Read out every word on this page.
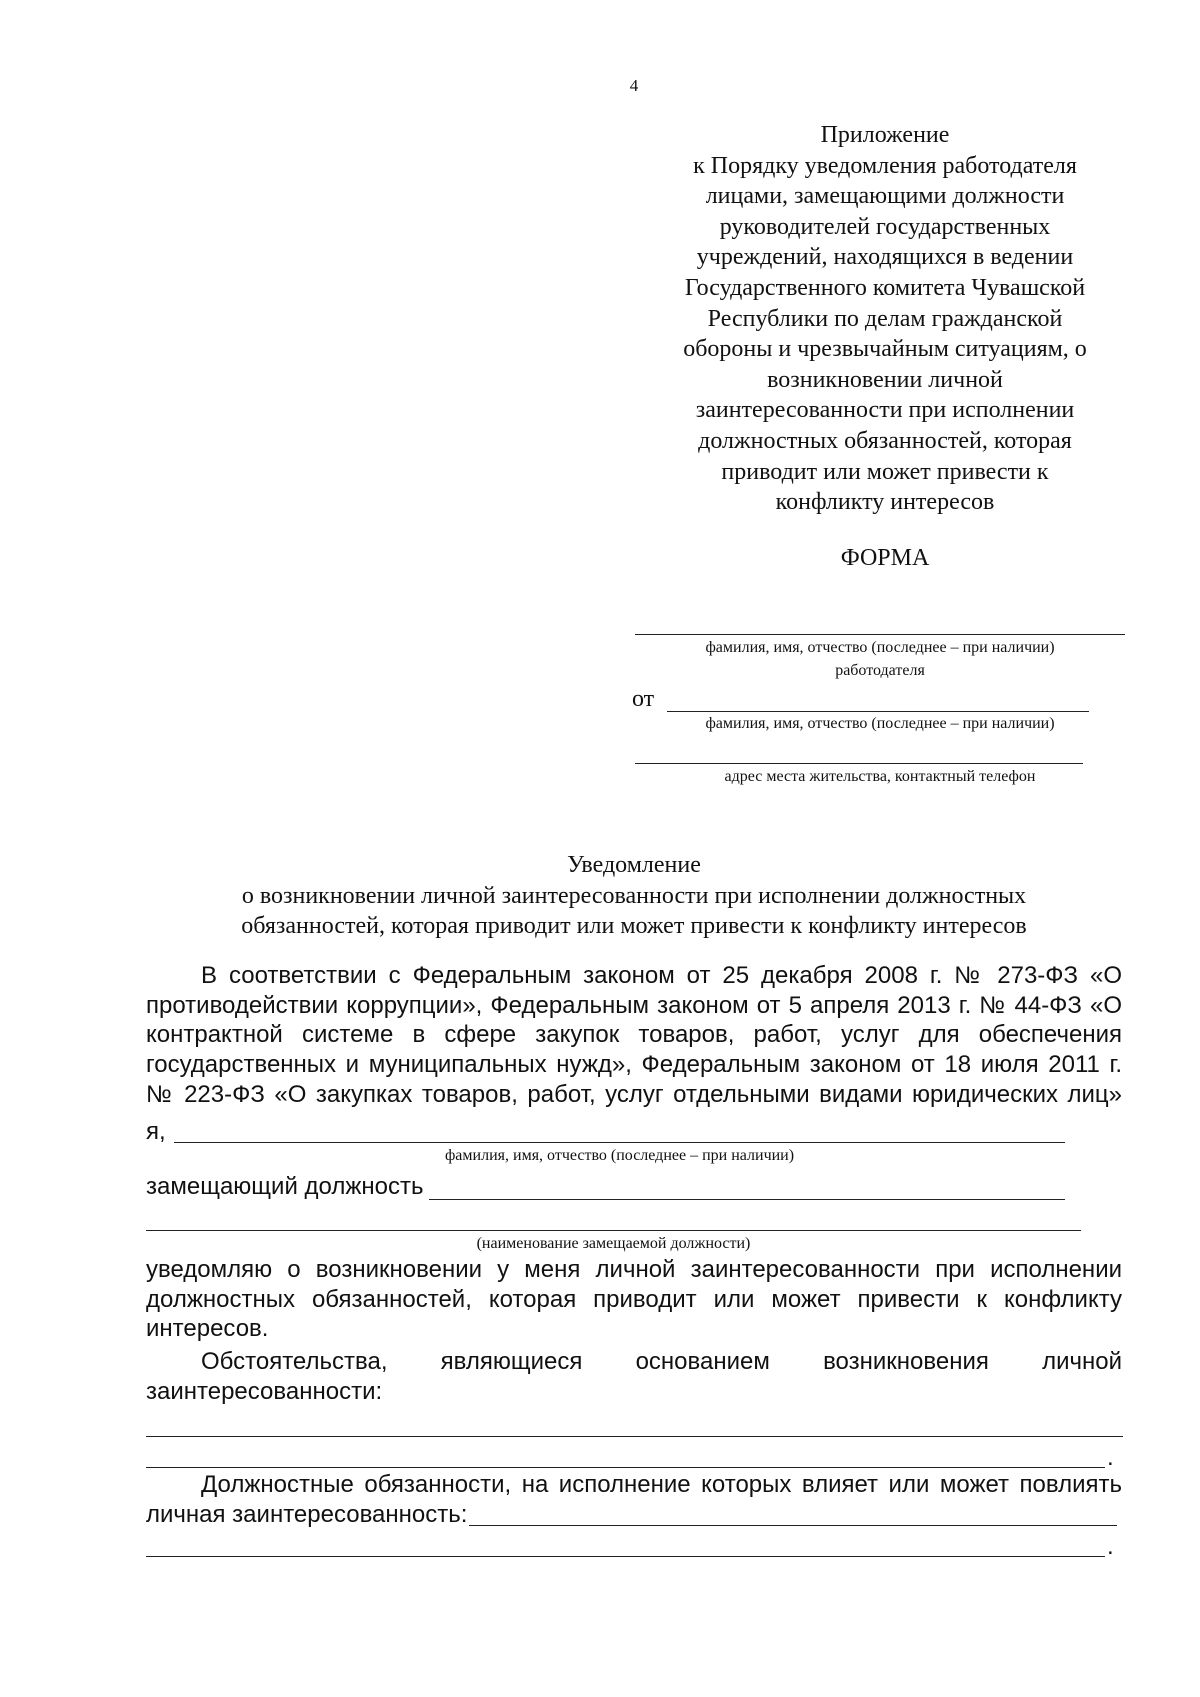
4
Приложение
к Порядку уведомления работодателя
лицами, замещающими должности
руководителей государственных
учреждений, находящихся в ведении
Государственного комитета Чувашской
Республики по делам гражданской
обороны и чрезвычайным ситуациям, о
возникновении личной
заинтересованности при исполнении
должностных обязанностей, которая
приводит или может привести к
конфликту интересов
ФОРМА
фамилия, имя, отчество (последнее – при наличии)
работодателя
от
фамилия, имя, отчество (последнее – при наличии)
адрес места жительства, контактный телефон
Уведомление
о возникновении личной заинтересованности при исполнении должностных
обязанностей, которая приводит или может привести к конфликту интересов
В соответствии с Федеральным законом от 25 декабря 2008 г. № 273-ФЗ «О
противодействии коррупции», Федеральным законом от 5 апреля 2013 г. № 44-ФЗ «О
контрактной системе в сфере закупок товаров, работ, услуг для обеспечения
государственных и муниципальных нужд», Федеральным законом от 18 июля 2011 г.
№ 223-ФЗ «О закупках товаров, работ, услуг отдельными видами юридических лиц»
я,
фамилия, имя, отчество (последнее – при наличии)
замещающий должность
(наименование замещаемой должности)
уведомляю о возникновении у меня личной заинтересованности при исполнении
должностных обязанностей, которая приводит или может привести к конфликту
интересов.
Обстоятельства, являющиеся основанием возникновения личной
заинтересованности:
.
Должностные обязанности, на исполнение которых влияет или может повлиять
личная заинтересованность:
.
